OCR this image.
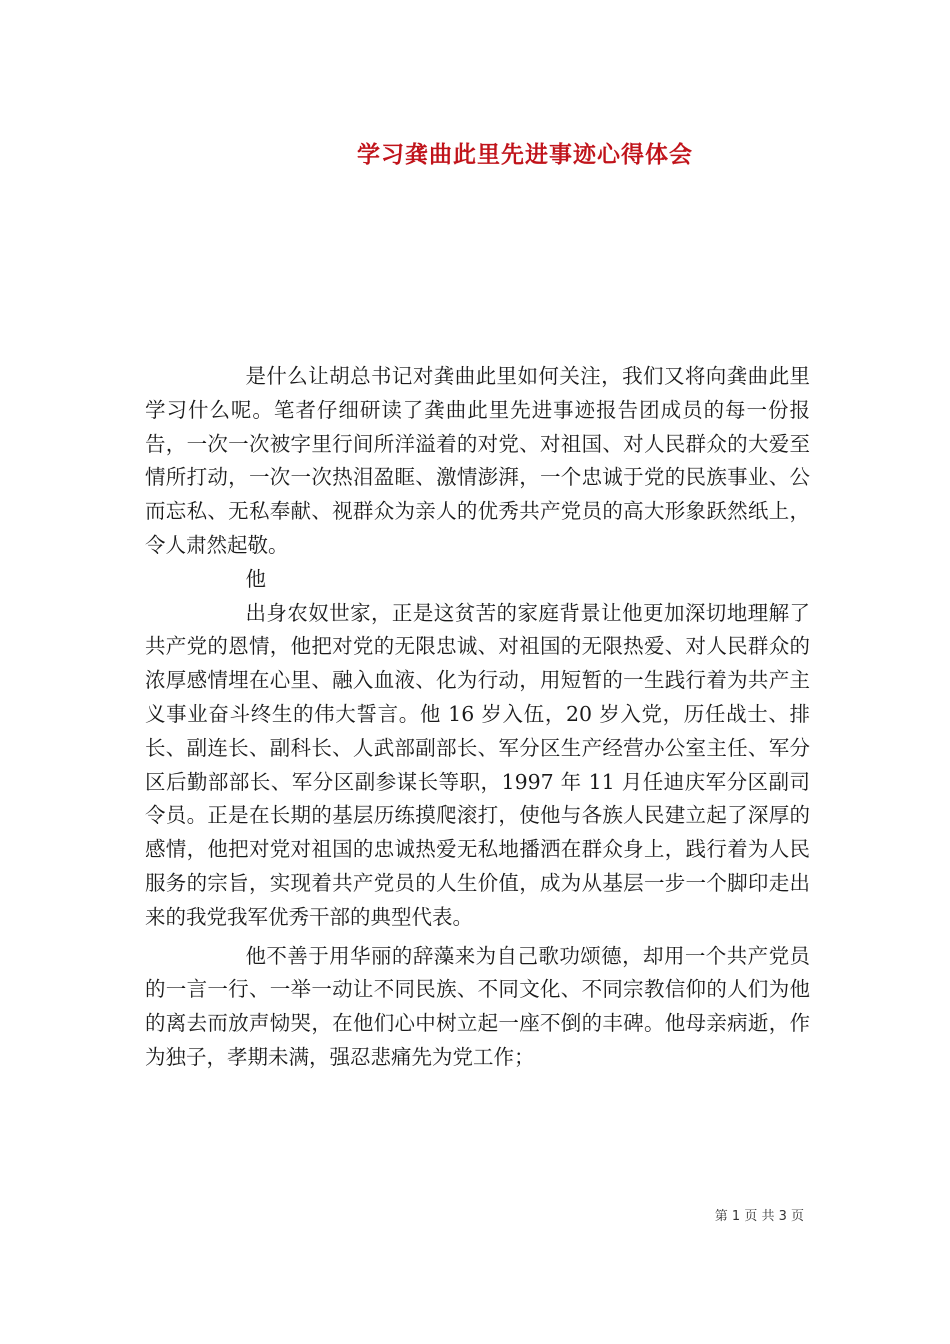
学习龚曲此里先进事迹心得体会

是什么让胡总书记对龚曲此里如何关注，我们又将向龚曲此里学习什么呢。笔者仔细研读了龚曲此里先进事迹报告团成员的每一份报告，一次一次被字里行间所洋溢着的对党、对祖国、对人民群众的大爱至情所打动，一次一次热泪盈眶、激情澎湃，一个忠诚于党的民族事业、公而忘私、无私奉献、视群众为亲人的优秀共产党员的高大形象跃然纸上，令人肃然起敬。

他

出身农奴世家，正是这贫苦的家庭背景让他更加深切地理解了共产党的恩情，他把对党的无限忠诚、对祖国的无限热爱、对人民群众的浓厚感情埋在心里、融入血液、化为行动，用短暂的一生践行着为共产主义事业奋斗终生的伟大誓言。他 16 岁入伍，20 岁入党，历任战士、排长、副连长、副科长、人武部副部长、军分区生产经营办公室主任、军分区后勤部部长、军分区副参谋长等职，1997 年 11 月任迪庆军分区副司令员。正是在长期的基层历练摸爬滚打，使他与各族人民建立起了深厚的感情，他把对党对祖国的忠诚热爱无私地播洒在群众身上，践行着为人民服务的宗旨，实现着共产党员的人生价值，成为从基层一步一个脚印走出来的我党我军优秀干部的典型代表。

他不善于用华丽的辞藻来为自己歌功颂德，却用一个共产党员的一言一行、一举一动让不同民族、不同文化、不同宗教信仰的人们为他的离去而放声恸哭，在他们心中树立起一座不倒的丰碑。他母亲病逝，作为独子，孝期未满，强忍悲痛先为党工作；

第 1 页 共 3 页
